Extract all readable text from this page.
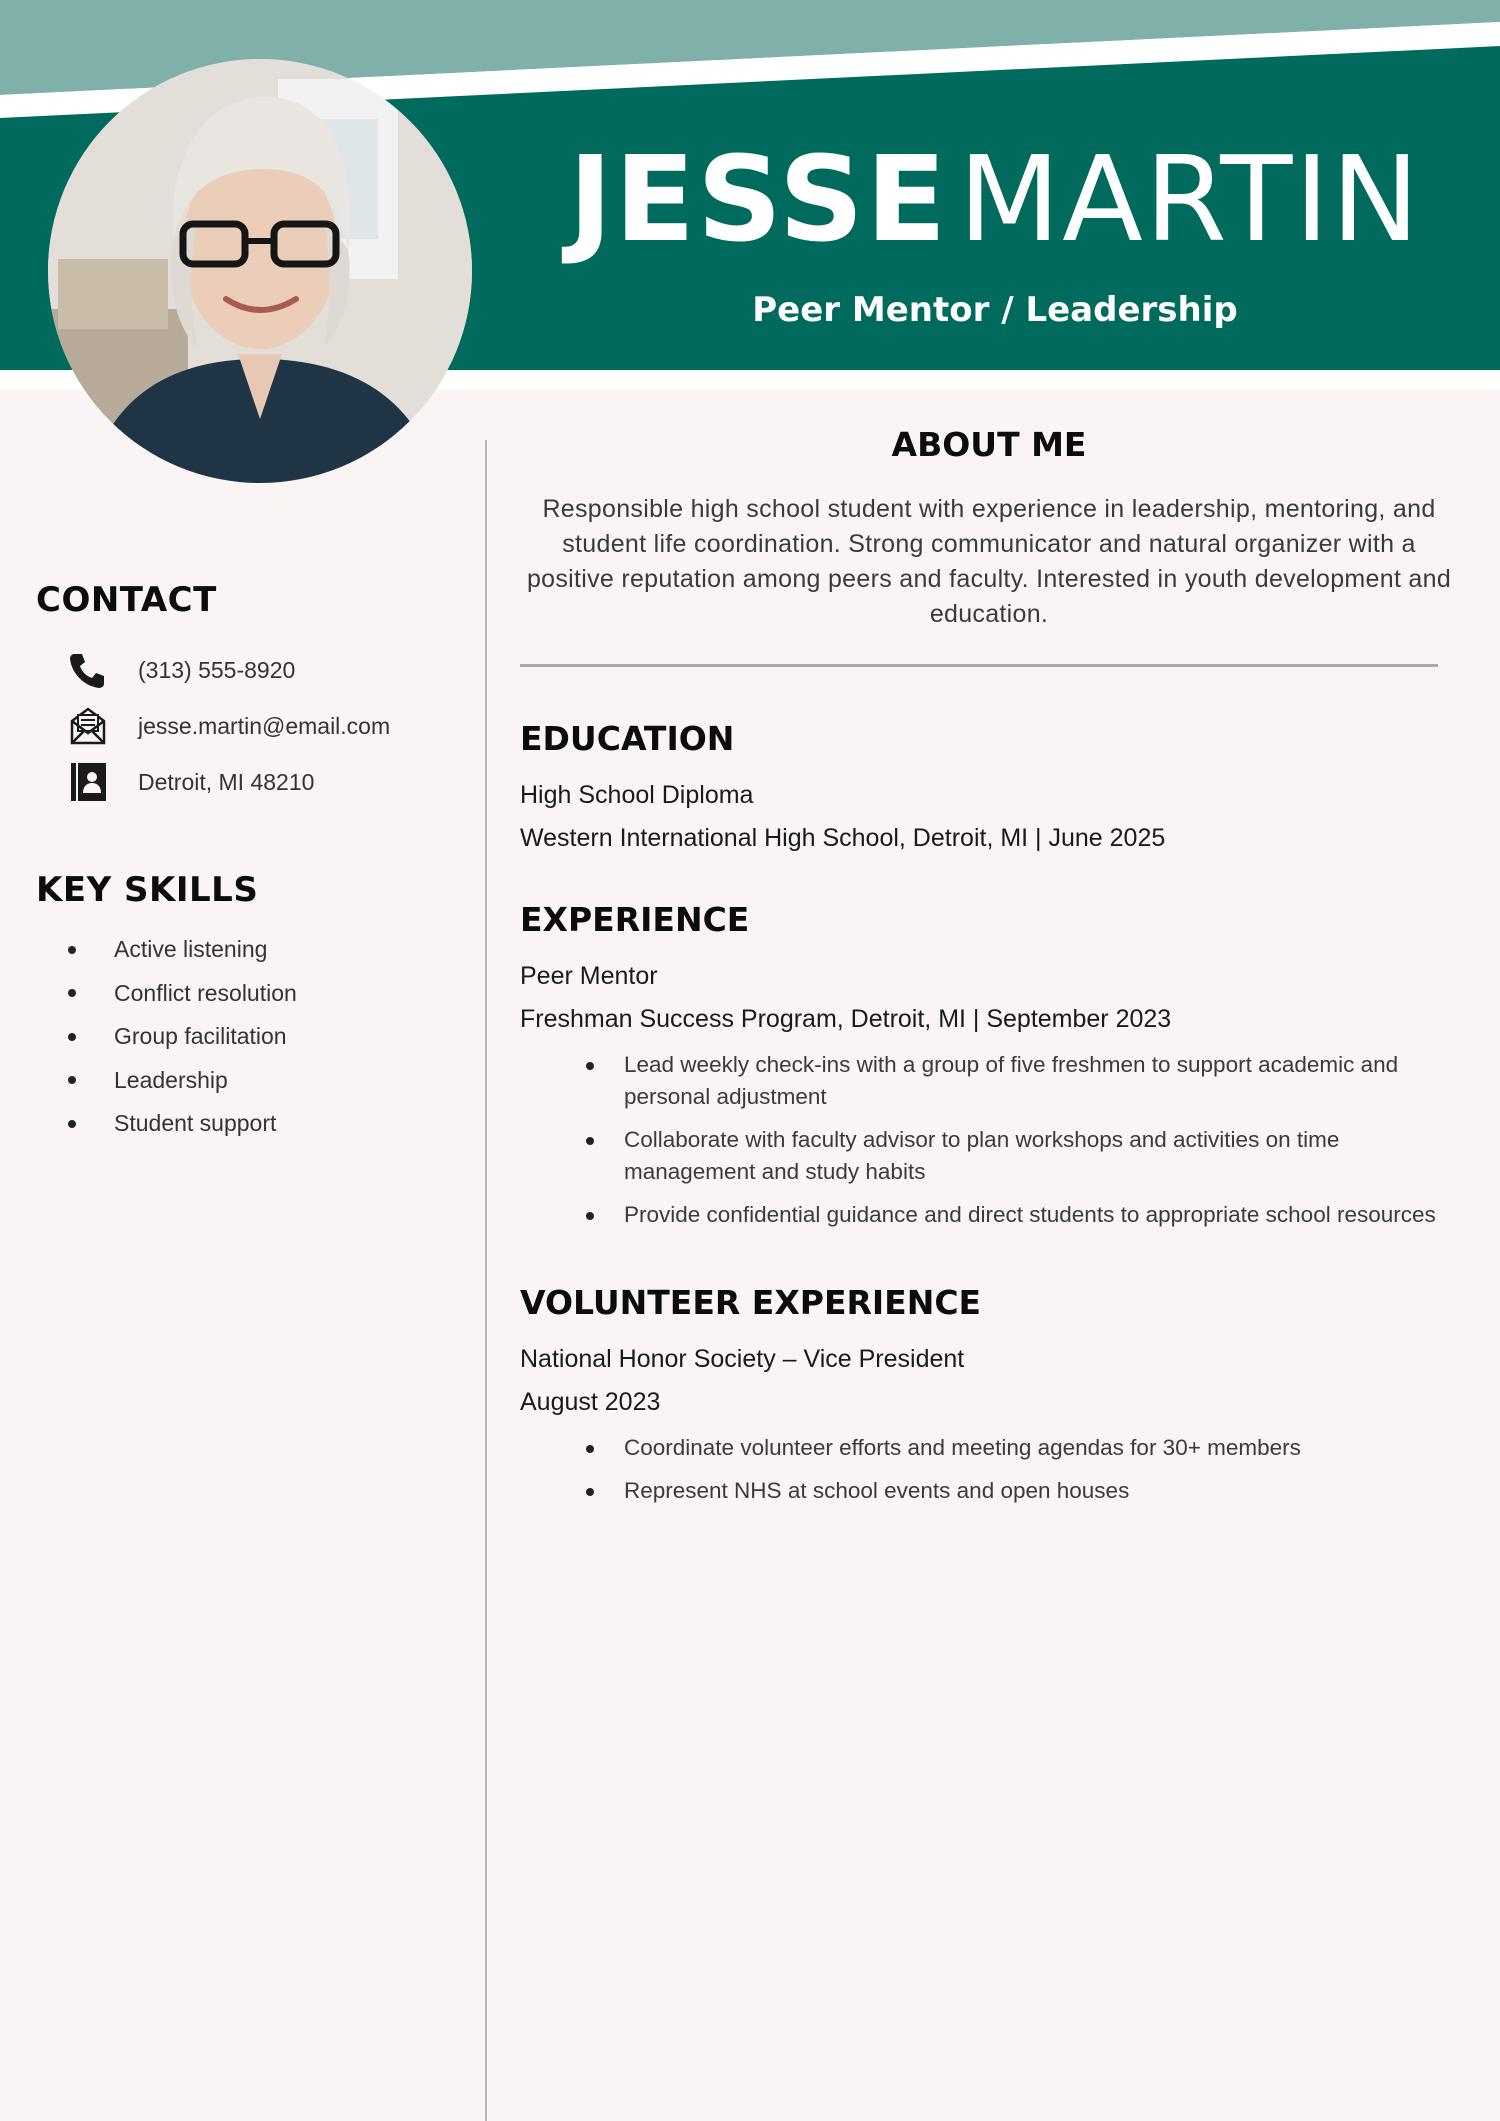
JESSEMARTIN
Peer Mentor / Leadership
CONTACT
(313) 555-8920
jesse.martin@email.com
Detroit, MI 48210
KEY SKILLS
Active listening
Conflict resolution
Group facilitation
Leadership
Student support
ABOUT ME

Responsible high school student with experience in leadership, mentoring, and student life coordination. Strong communicator and natural organizer with a positive reputation among peers and faculty. Interested in youth development and education.

EDUCATION
High School Diploma
Western International High School, Detroit, MI | June 2025
EXPERIENCE
Peer Mentor
Freshman Success Program, Detroit, MI | September 2023
Lead weekly check-ins with a group of five freshmen to support academic and personal adjustment
Collaborate with faculty advisor to plan workshops and activities on time management and study habits
Provide confidential guidance and direct students to appropriate school resources
VOLUNTEER EXPERIENCE
National Honor Society – Vice President
August 2023
Coordinate volunteer efforts and meeting agendas for 30+ members
Represent NHS at school events and open houses
